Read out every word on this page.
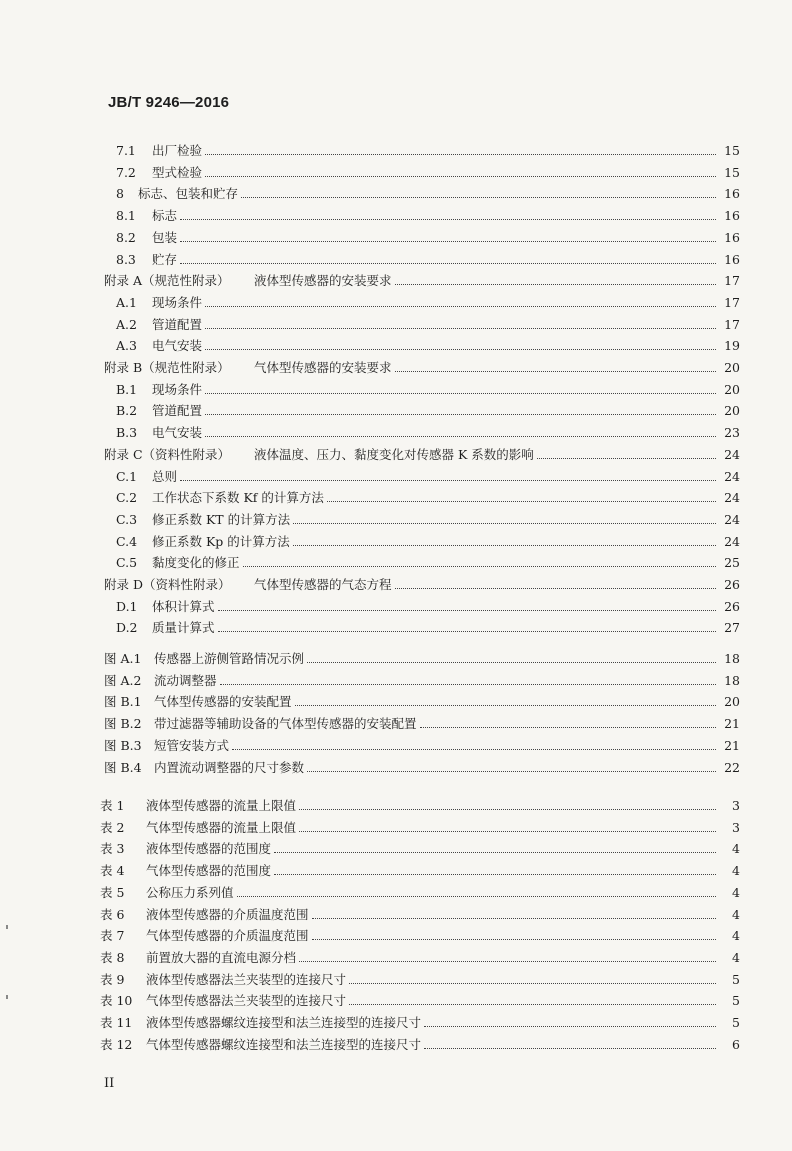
JB/T 9246—2016
7.1	出厂检验	15
7.2	型式检验	15
8	标志、包装和贮存	16
8.1	标志	16
8.2	包装	16
8.3	贮存	16
附录 A（规范性附录）	液体型传感器的安装要求	17
A.1	现场条件	17
A.2	管道配置	17
A.3	电气安装	19
附录 B（规范性附录）	气体型传感器的安装要求	20
B.1	现场条件	20
B.2	管道配置	20
B.3	电气安装	23
附录 C（资料性附录）	液体温度、压力、黏度变化对传感器 K 系数的影响	24
C.1	总则	24
C.2	工作状态下系数 Kf 的计算方法	24
C.3	修正系数 KT 的计算方法	24
C.4	修正系数 Kp 的计算方法	24
C.5	黏度变化的修正	25
附录 D（资料性附录）	气体型传感器的气态方程	26
D.1	体积计算式	26
D.2	质量计算式	27
图 A.1	传感器上游侧管路情况示例	18
图 A.2	流动调整器	18
图 B.1 气体型传感器的安装配置	20
图 B.2 带过滤器等辅助设备的气体型传感器的安装配置	21
图 B.3 短管安装方式	21
图 B.4 内置流动调整器的尺寸参数	22
表 1	液体型传感器的流量上限值	3
表 2	气体型传感器的流量上限值	3
表 3	液体型传感器的范围度	4
表 4	气体型传感器的范围度	4
表 5	公称压力系列值	4
表 6	液体型传感器的介质温度范围	4
表 7	气体型传感器的介质温度范围	4
表 8	前置放大器的直流电源分档	4
表 9	液体型传感器法兰夹装型的连接尺寸	5
表 10	气体型传感器法兰夹装型的连接尺寸	5
表 11	液体型传感器螺纹连接型和法兰连接型的连接尺寸	5
表 12	气体型传感器螺纹连接型和法兰连接型的连接尺寸	6
II
